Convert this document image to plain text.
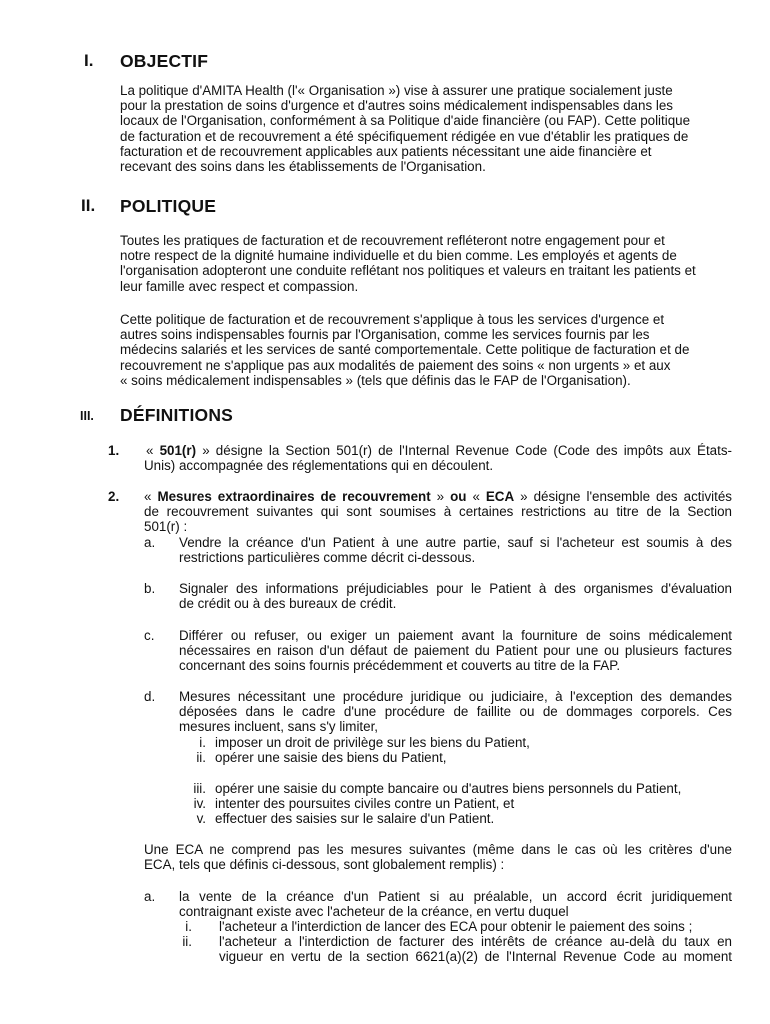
I. OBJECTIF
La politique d'AMITA Health (l'« Organisation ») vise à assurer une pratique socialement juste
pour la prestation de soins d'urgence et d'autres soins médicalement indispensables dans les
locaux de l'Organisation, conformément à sa Politique d'aide financière (ou FAP). Cette politique
de facturation et de recouvrement a été spécifiquement rédigée en vue d'établir les pratiques de
facturation et de recouvrement applicables aux patients nécessitant une aide financière et
recevant des soins dans les établissements de l'Organisation.
II. POLITIQUE
Toutes les pratiques de facturation et de recouvrement refléteront notre engagement pour et
notre respect de la dignité humaine individuelle et du bien comme. Les employés et agents de
l'organisation adopteront une conduite reflétant nos politiques et valeurs en traitant les patients et
leur famille avec respect et compassion.
Cette politique de facturation et de recouvrement s'applique à tous les services d'urgence et
autres soins indispensables fournis par l'Organisation, comme les services fournis par les
médecins salariés et les services de santé comportementale. Cette politique de facturation et de
recouvrement ne s'applique pas aux modalités de paiement des soins « non urgents » et aux
« soins médicalement indispensables » (tels que définis das le FAP de l'Organisation).
III. DÉFINITIONS
1. « 501(r) » désigne la Section 501(r) de l'Internal Revenue Code (Code des impôts aux États-
Unis) accompagnée des réglementations qui en découlent.
2. « Mesures extraordinaires de recouvrement » ou « ECA » désigne l'ensemble des activités
de recouvrement suivantes qui sont soumises à certaines restrictions au titre de la Section
501(r) :
a. Vendre la créance d'un Patient à une autre partie, sauf si l'acheteur est soumis à des
restrictions particulières comme décrit ci-dessous.
b. Signaler des informations préjudiciables pour le Patient à des organismes d'évaluation
de crédit ou à des bureaux de crédit.
c. Différer ou refuser, ou exiger un paiement avant la fourniture de soins médicalement
nécessaires en raison d'un défaut de paiement du Patient pour une ou plusieurs factures
concernant des soins fournis précédemment et couverts au titre de la FAP.
d. Mesures nécessitant une procédure juridique ou judiciaire, à l'exception des demandes
déposées dans le cadre d'une procédure de faillite ou de dommages corporels. Ces
mesures incluent, sans s'y limiter,
i. imposer un droit de privilège sur les biens du Patient,
ii. opérer une saisie des biens du Patient,
iii. opérer une saisie du compte bancaire ou d'autres biens personnels du Patient,
iv. intenter des poursuites civiles contre un Patient, et
v. effectuer des saisies sur le salaire d'un Patient.
Une ECA ne comprend pas les mesures suivantes (même dans le cas où les critères d'une
ECA, tels que définis ci-dessous, sont globalement remplis) :
a. la vente de la créance d'un Patient si au préalable, un accord écrit juridiquement
contraignant existe avec l'acheteur de la créance, en vertu duquel
i. l'acheteur a l'interdiction de lancer des ECA pour obtenir le paiement des soins ;
ii. l'acheteur a l'interdiction de facturer des intérêts de créance au-delà du taux en
vigueur en vertu de la section 6621(a)(2) de l'Internal Revenue Code au moment
